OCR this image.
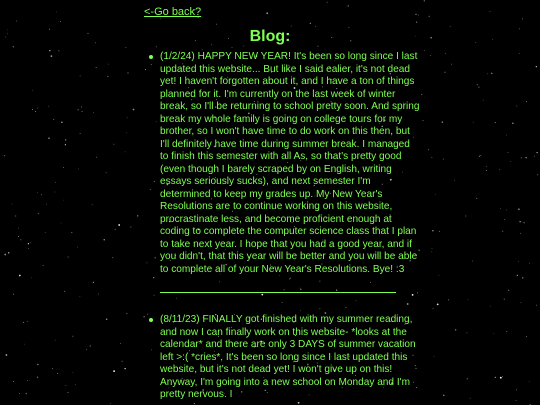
<-Go back?
Blog:

(1/2/24) HAPPY NEW YEAR! It's been so long since I last updated this website... But like I said ealier, it's not dead yet! I haven't forgotten about it, and I have a ton of things planned for it. I'm currently on the last week of winter break, so I'll be returning to school pretty soon. And spring break my whole family is going on college tours for my brother, so I won't have time to do work on this then, but I'll definitely have time during summer break. I managed to finish this semester with all As, so that's pretty good (even though I barely scraped by on English, writing essays seriously sucks), and next semester I'm determined to keep my grades up. My New Year's Resolutions are to continue working on this website, procrastinate less, and become proficient enough at coding to complete the computer science class that I plan to take next year. I hope that you had a good year, and if you didn't, that this year will be better and you will be able to complete all of your New Year's Resolutions. Bye! :3

(8/11/23) FINALLY got finished with my summer reading, and now I can finally work on this website- *looks at the calendar* and there are only 3 DAYS of summer vacation left >:( *cries*. It's been so long since I last updated this website, but it's not dead yet! I won't give up on this! Anyway, I'm going into a new school on Monday and I'm pretty nervous. I
